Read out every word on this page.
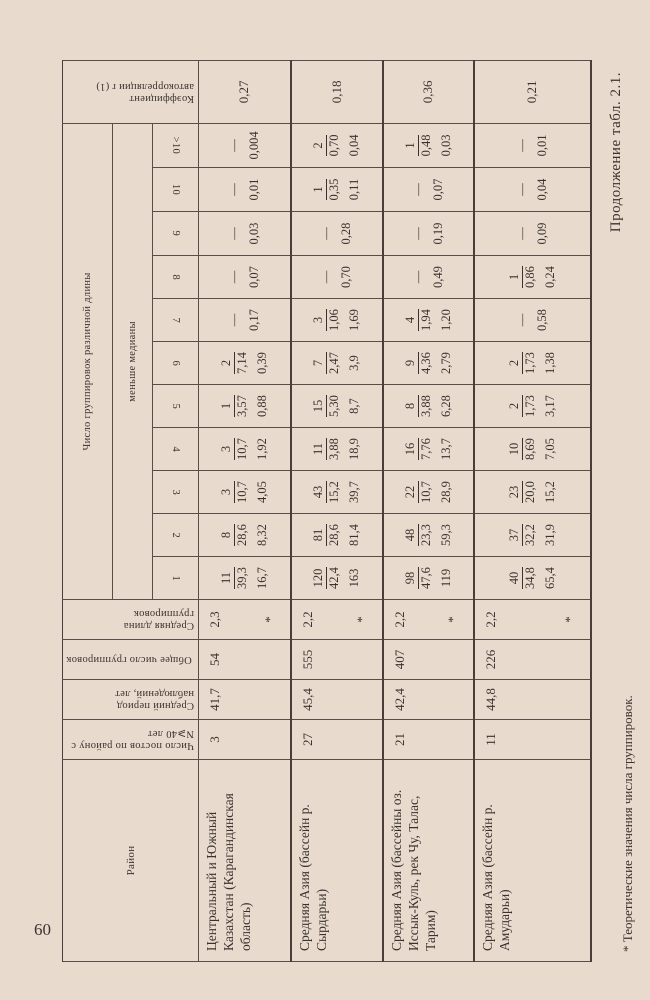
60
Район	Число постов по району с N⩾40 лет	Средний период наблюдений, лет	Общее число группировок	Средняя длина группировок	Число группировок различной длины											Коэффициент автокорреляции r (1)
					меньше медианы											
					1	2	3	4	5	6	7	8	9	10	>10	
Центральный и Южный Казахстан (Карагандинская область)	3	41,7	54	2,3 *	11 39,3 16,7	8 28,6 8,32	3 10,7 4,05	3 10,7 1,92	1 3,57 0,88	2 7,14 0,39	— 0,17	— 0,07	— 0,03	— 0,01	— 0,004	0,27
Средняя Азия (бассейн р. Сырдарьи)	27	45,4	555	2,2 *	120 42,4 163	81 28,6 81,4	43 15,2 39,7	11 3,88 18,9	15 5,30 8,7	7 2,47 3,9	3 1,06 1,69	— 0,70	— 0,28	1 0,35 0,11	2 0,70 0,04	0,18
Средняя Азия (бассейны оз. Иссык-Куль, рек Чу, Талас, Тарим)	21	42,4	407	2,2 *	98 47,6 119	48 23,3 59,3	22 10,7 28,9	16 7,76 13,7	8 3,88 6,28	9 4,36 2,79	4 1,94 1,20	— 0,49	— 0,19	— 0,07	1 0,48 0,03	0,36
Средняя Азия (бассейн р. Амударьи)	11	44,8	226	2,2 *	40 34,8 65,4	37 32,2 31,9	23 20,0 15,2	10 8,69 7,05	2 1,73 3,17	2 1,73 1,38	— 0,58	1 0,86 0,24	— 0,09	— 0,04	— 0,01	0,21	Продолжение табл. 2.1.
* Теоретические значения числа группировок.
